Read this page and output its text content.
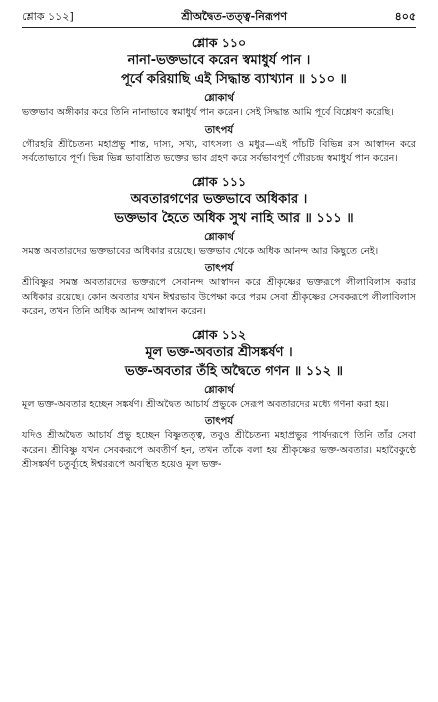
শ্লোক ১১২]	শ্রীঅদ্বৈত-তত্ত্ব-নিরূপণ	৪০৫
শ্লোক ১১০
নানা-ভক্তভাবে করেন স্বমাধুর্য পান ।
পূর্বে করিয়াছি এই সিদ্ধান্ত ব্যাখ্যান ॥ ১১০ ॥
শ্লোকার্থ

ভক্তভাব অঙ্গীকার করে তিনি নানাভাবে স্বমাধুর্য পান করেন। সেই সিদ্ধান্ত আমি পূর্বে বিশ্লেষণ করেছি।

তাৎপর্য

গৌরহরি শ্রীচৈতন্য মহাপ্রভু শান্ত, দাস্য, সখ্য, বাৎসল্য ও মধুর—এই পাঁচটি বিভিন্ন রস আস্বাদন করে সর্বতোভাবে পূর্ণ। ভিন্ন ভিন্ন ভাবাশ্রিত ভক্তের ভাব গ্রহণ করে সর্বভাবপূর্ণ গৌরচন্দ্র স্বমাধুর্য পান করেন।

শ্লোক ১১১
অবতারগণের ভক্তভাবে অধিকার ।
ভক্তভাব হৈতে অধিক সুখ নাহি আর ॥ ১১১ ॥
শ্লোকার্থ

সমস্ত অবতারদের ভক্তভাবের অধিকার রয়েছে। ভক্তভাব থেকে অধিক আনন্দ আর কিছুতে নেই।

তাৎপর্য

শ্রীবিষ্ণুর সমস্ত অবতারদের ভক্তরূপে সেবানন্দ আস্বাদন করে শ্রীকৃষ্ণের ভক্তরূপে লীলাবিলাস করার অধিকার রয়েছে। কোন অবতার যখন ঈশ্বরভাব উপেক্ষা করে পরম সেবা শ্রীকৃষ্ণের সেবকরূপে লীলাবিলাস করেন, তখন তিনি অধিক আনন্দ আস্বাদন করেন।

শ্লোক ১১২
মূল ভক্ত-অবতার শ্রীসঙ্কর্ষণ ।
ভক্ত-অবতার তঁহি অদ্বৈতে গণন ॥ ১১২ ॥
শ্লোকার্থ

মূল ভক্ত-অবতার হচ্ছেন সঙ্কর্ষণ। শ্রীঅদ্বৈত আচার্য প্রভুকে সেরূপ অবতারদের মধ্যে গণনা করা হয়।

তাৎপর্য

যদিও শ্রীঅদ্বৈত আচার্য প্রভু হচ্ছেন বিষ্ণুতত্ত্ব, তবুও শ্রীচৈতন্য মহাপ্রভুর পার্ষদরূপে তিনি তাঁর সেবা করেন। শ্রীবিষ্ণু যখন সেবকরূপে অবতীর্ণ হন, তখন তাঁকে বলা হয় শ্রীকৃষ্ণের ভক্ত-অবতার। মহাবৈকুণ্ঠে শ্রীসঙ্কর্ষণ চতুর্ব্যূহে ঈশ্বররূপে অবস্থিত হয়েও মূল ভক্ত-
